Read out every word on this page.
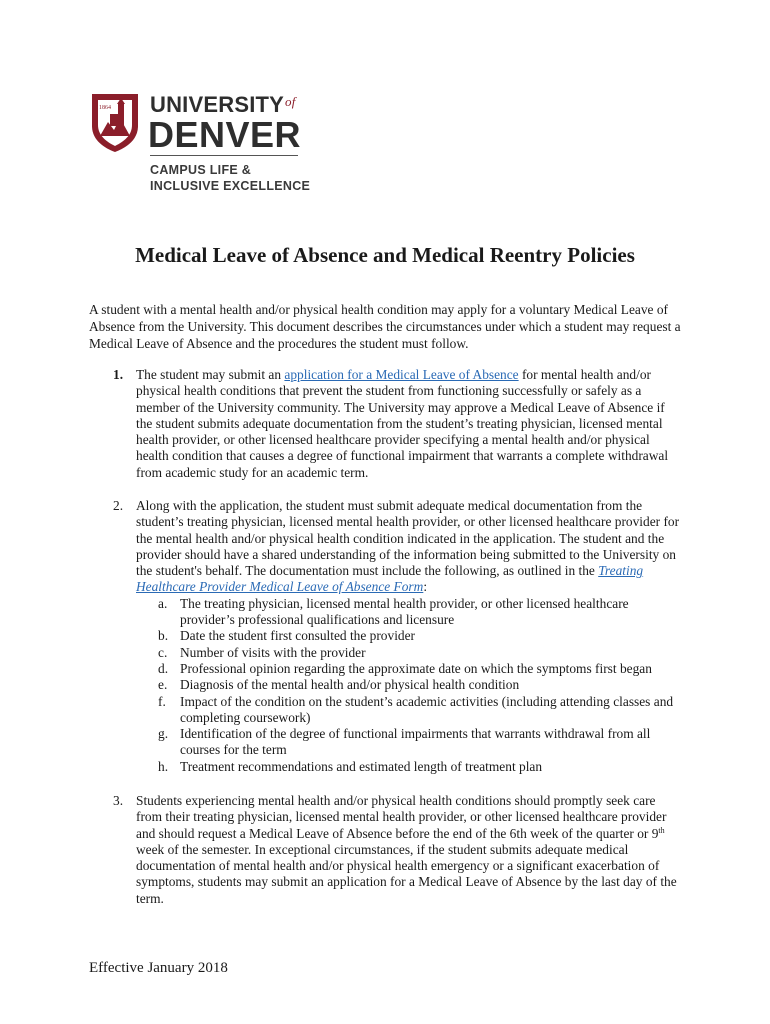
1864 $UNIVERSITY^{of}$
DENVER
CAMPUS LIFE &
INCLUSIVE EXCELLENCE
Medical Leave of Absence and Medical Reentry Policies

A student with a mental health and/or physical health condition may apply for a voluntary Medical Leave of Absence from the University. This document describes the circumstances under which a student may request a Medical Leave of Absence and the procedures the student must follow.

1. The student may submit an application for a Medical Leave of Absence for mental health and/or physical health conditions that prevent the student from functioning successfully or safely as a member of the University community. The University may approve a Medical Leave of Absence if the student submits adequate documentation from the student’s treating physician, licensed mental health provider, or other licensed healthcare provider specifying a mental health and/or physical health condition that causes a degree of functional impairment that warrants a complete withdrawal from academic study for an academic term.
2. Along with the application, the student must submit adequate medical documentation from the student’s treating physician, licensed mental health provider, or other licensed healthcare provider for the mental health and/or physical health condition indicated in the application. The student and the provider should have a shared understanding of the information being submitted to the University on the student's behalf. The documentation must include the following, as outlined in the Treating Healthcare Provider Medical Leave of Absence Form:
a. The treating physician, licensed mental health provider, or other licensed healthcare provider’s professional qualifications and licensure
b. Date the student first consulted the provider
c. Number of visits with the provider
d. Professional opinion regarding the approximate date on which the symptoms first began
e. Diagnosis of the mental health and/or physical health condition
f. Impact of the condition on the student’s academic activities (including attending classes and completing coursework)
g. Identification of the degree of functional impairments that warrants withdrawal from all courses for the term
h. Treatment recommendations and estimated length of treatment plan
3. Students experiencing mental health and/or physical health conditions should promptly seek care from their treating physician, licensed mental health provider, or other licensed healthcare provider and should request a Medical Leave of Absence before the end of the 6th week of the quarter or 9th week of the semester. In exceptional circumstances, if the student submits adequate medical documentation of mental health and/or physical health emergency or a significant exacerbation of symptoms, students may submit an application for a Medical Leave of Absence by the last day of the term.
Effective January 2018
